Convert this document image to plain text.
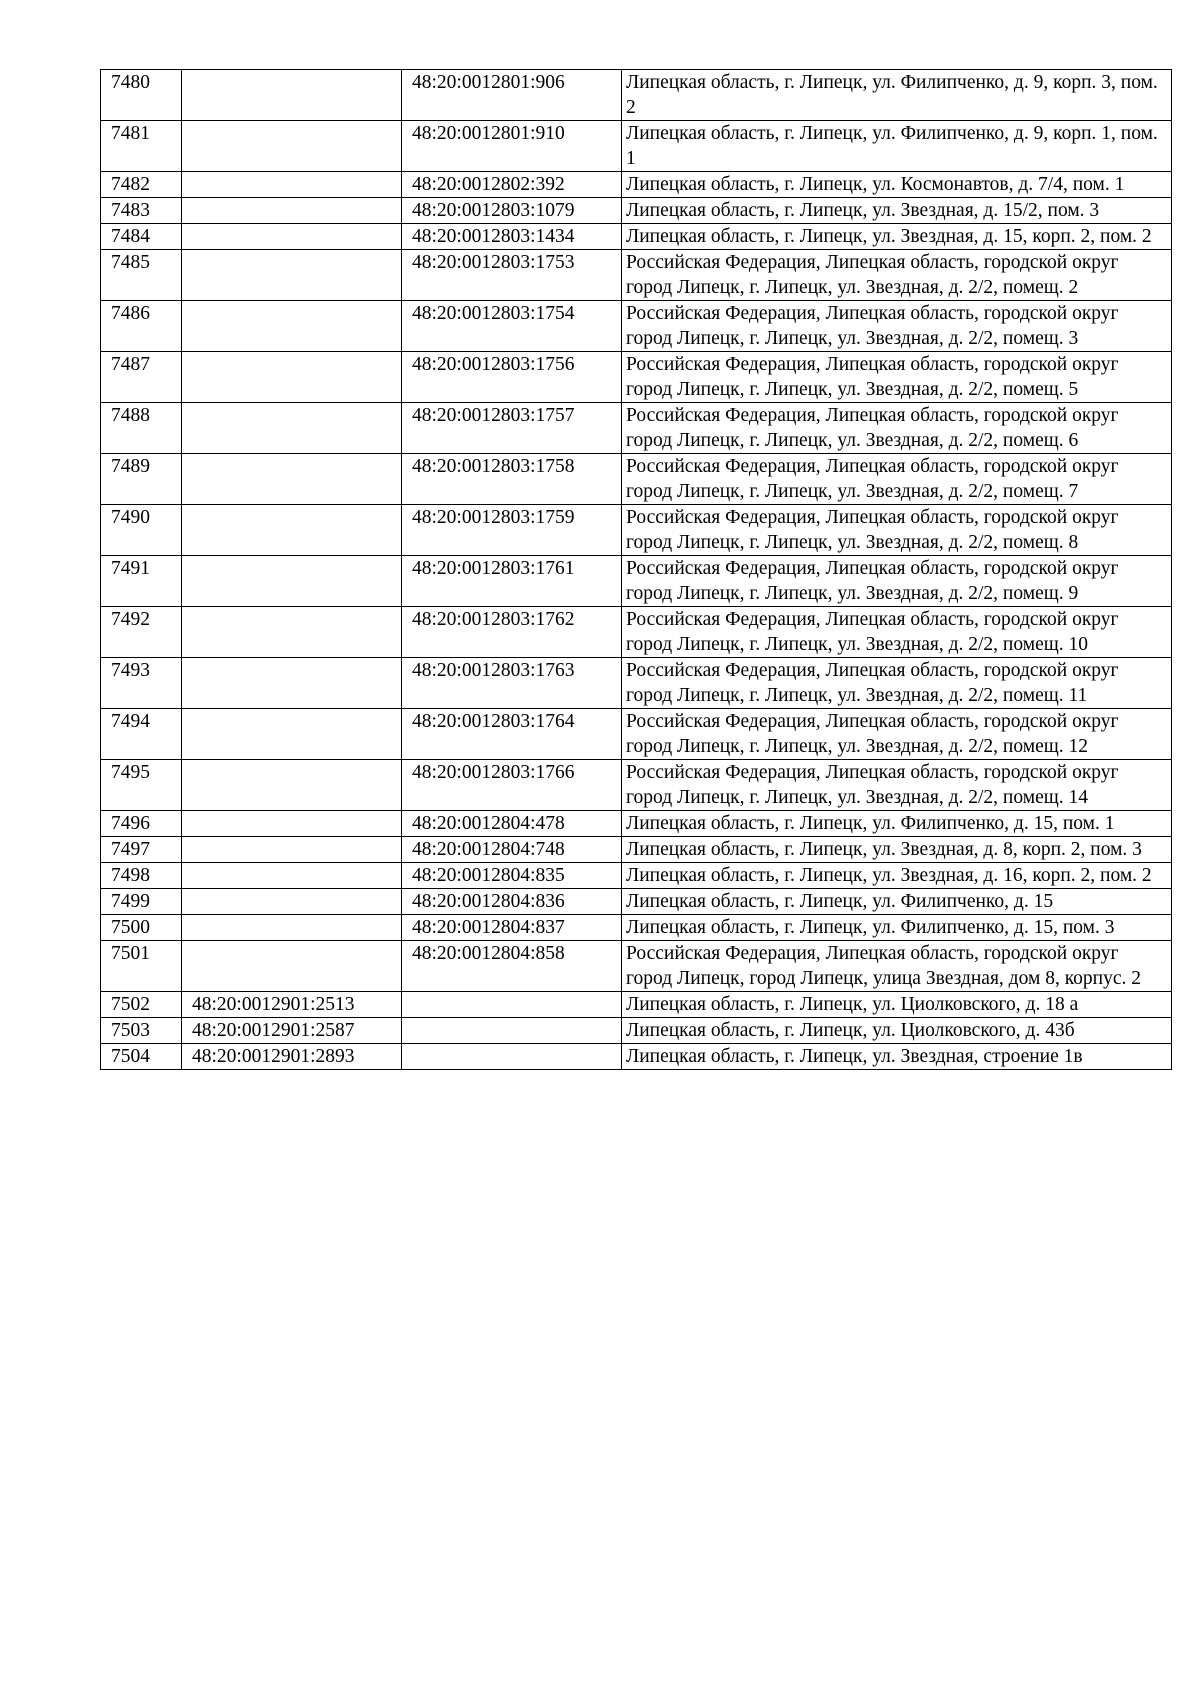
7480		48:20:0012801:906	Липецкая область, г. Липецк, ул. Филипченко, д. 9, корп. 3, пом. 2
7481		48:20:0012801:910	Липецкая область, г. Липецк, ул. Филипченко, д. 9, корп. 1, пом. 1
7482		48:20:0012802:392	Липецкая область, г. Липецк, ул. Космонавтов, д. 7/4, пом. 1
7483		48:20:0012803:1079	Липецкая область, г. Липецк, ул. Звездная, д. 15/2, пом. 3
7484		48:20:0012803:1434	Липецкая область, г. Липецк, ул. Звездная, д. 15, корп. 2, пом. 2
7485		48:20:0012803:1753	Российская Федерация, Липецкая область, городской округ город Липецк, г. Липецк, ул. Звездная, д. 2/2, помещ. 2
7486		48:20:0012803:1754	Российская Федерация, Липецкая область, городской округ город Липецк, г. Липецк, ул. Звездная, д. 2/2, помещ. 3
7487		48:20:0012803:1756	Российская Федерация, Липецкая область, городской округ город Липецк, г. Липецк, ул. Звездная, д. 2/2, помещ. 5
7488		48:20:0012803:1757	Российская Федерация, Липецкая область, городской округ город Липецк, г. Липецк, ул. Звездная, д. 2/2, помещ. 6
7489		48:20:0012803:1758	Российская Федерация, Липецкая область, городской округ город Липецк, г. Липецк, ул. Звездная, д. 2/2, помещ. 7
7490		48:20:0012803:1759	Российская Федерация, Липецкая область, городской округ город Липецк, г. Липецк, ул. Звездная, д. 2/2, помещ. 8
7491		48:20:0012803:1761	Российская Федерация, Липецкая область, городской округ город Липецк, г. Липецк, ул. Звездная, д. 2/2, помещ. 9
7492		48:20:0012803:1762	Российская Федерация, Липецкая область, городской округ город Липецк, г. Липецк, ул. Звездная, д. 2/2, помещ. 10
7493		48:20:0012803:1763	Российская Федерация, Липецкая область, городской округ город Липецк, г. Липецк, ул. Звездная, д. 2/2, помещ. 11
7494		48:20:0012803:1764	Российская Федерация, Липецкая область, городской округ город Липецк, г. Липецк, ул. Звездная, д. 2/2, помещ. 12
7495		48:20:0012803:1766	Российская Федерация, Липецкая область, городской округ город Липецк, г. Липецк, ул. Звездная, д. 2/2, помещ. 14
7496		48:20:0012804:478	Липецкая область, г. Липецк, ул. Филипченко, д. 15, пом. 1
7497		48:20:0012804:748	Липецкая область, г. Липецк, ул. Звездная, д. 8, корп. 2, пом. 3
7498		48:20:0012804:835	Липецкая область, г. Липецк, ул. Звездная, д. 16, корп. 2, пом. 2
7499		48:20:0012804:836	Липецкая область, г. Липецк, ул. Филипченко, д. 15
7500		48:20:0012804:837	Липецкая область, г. Липецк, ул. Филипченко, д. 15, пом. 3
7501		48:20:0012804:858	Российская Федерация, Липецкая область, городской округ город Липецк, город Липецк, улица Звездная, дом 8, корпус. 2
7502	48:20:0012901:2513		Липецкая область, г. Липецк, ул. Циолковского, д. 18 а
7503	48:20:0012901:2587		Липецкая область, г. Липецк, ул. Циолковского, д. 43б
7504	48:20:0012901:2893		Липецкая область, г. Липецк, ул. Звездная, строение 1в
